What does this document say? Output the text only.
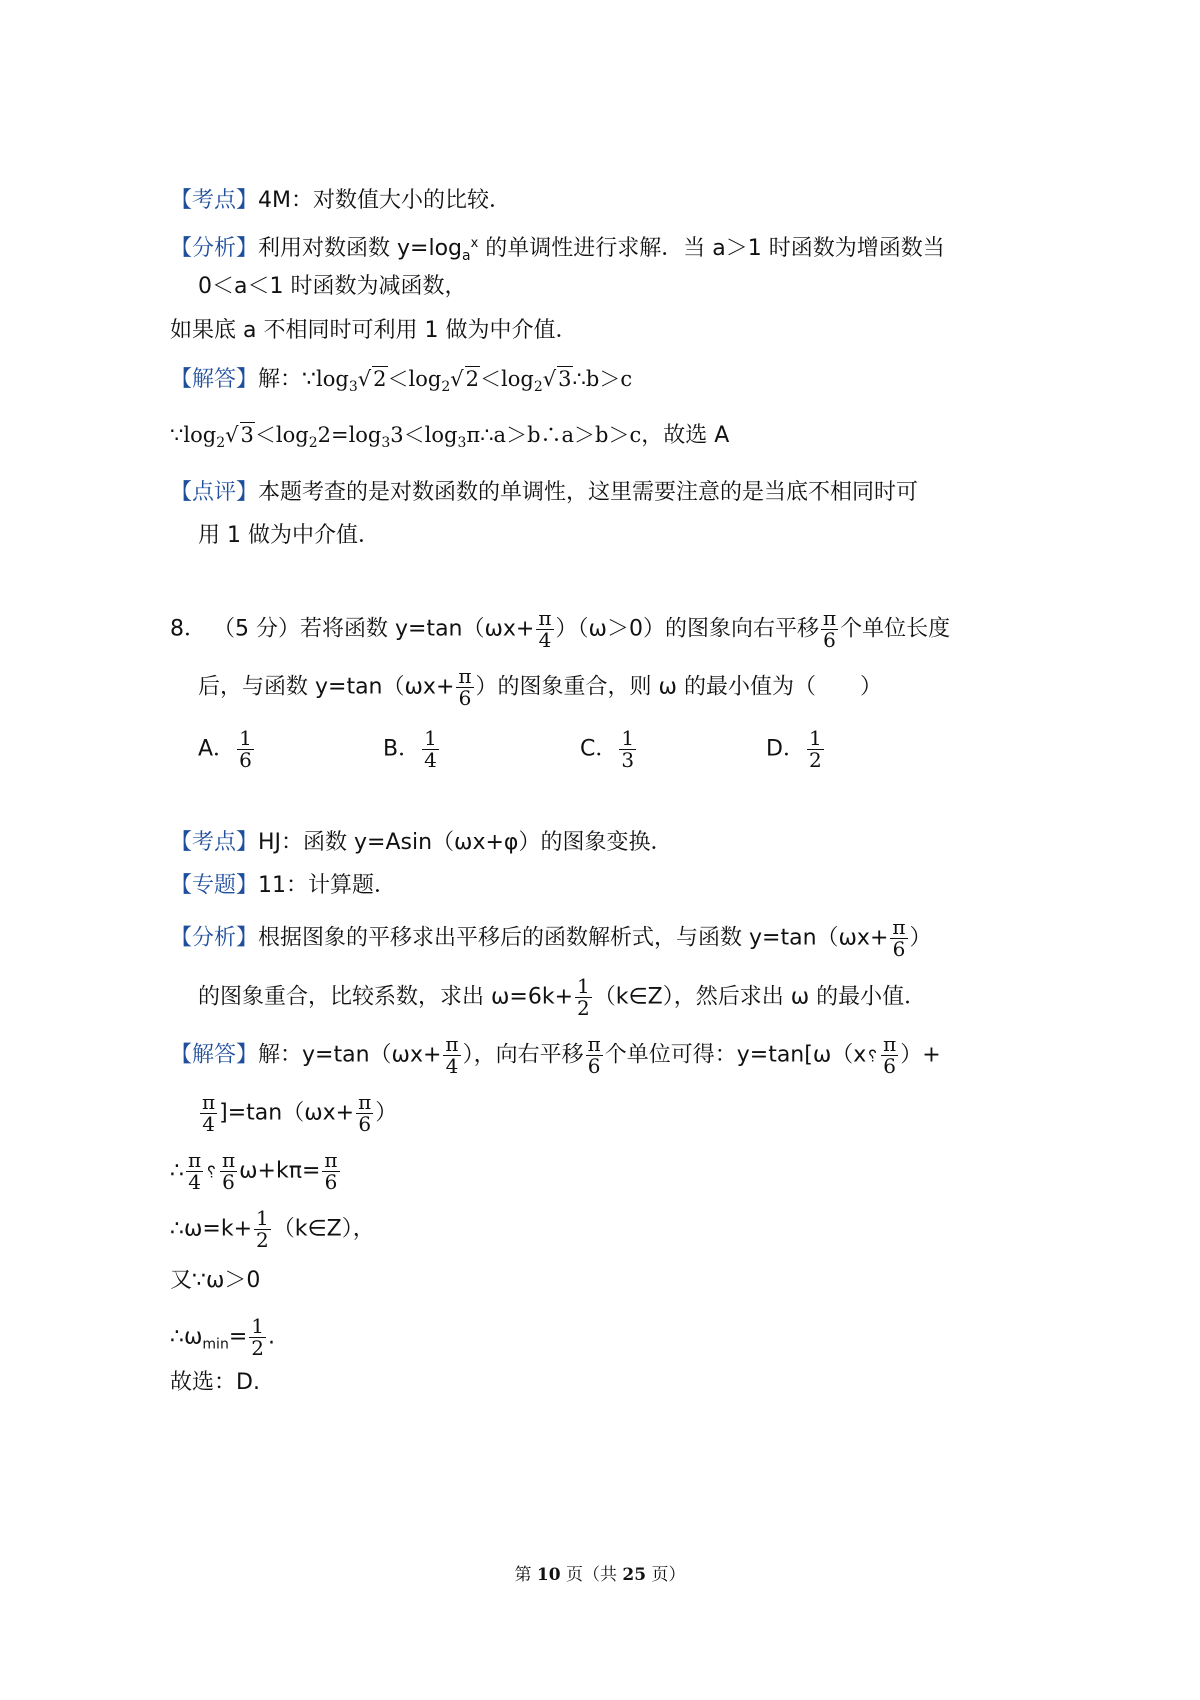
【考点】4M：对数值大小的比较．
【分析】利用对数函数 $y=\log_a^x$ 的单调性进行求解．当 a＞1 时函数为增函数当
0＜a＜1 时函数为减函数，
如果底 a 不相同时可利用 1 做为中介值．
【解答】解：$\because\log_3√2<\log_2√2<\log_2√3\therefore b>c$
$\because\log_2√3<\log_22=\log_33<\log_3\pi\therefore a>b\therefore a>b>c$，故选 A
【点评】本题考查的是对数函数的单调性，这里需要注意的是当底不相同时可
用 1 做为中介值．
8． （5 分）若将函数 $y=\tan(\omega x+ \frac{\pi}{4} )(\omega>0)$的图象向右平移 $\frac{\pi}{6}$ 个单位长度
后，与函数 $y=\tan(\omega x+ \frac{\pi}{6}$ ）的图象重合，则 ω 的最小值为（　　）
A． $\frac{1}{6}$	B． $\frac{1}{4}$	C． $\frac{1}{3}$	D． $\frac{1}{2}$
【考点】HJ：函数 y=Asin（ωx+φ）的图象变换．
【专题】11：计算题．
【分析】根据图象的平移求出平移后的函数解析式，与函数 $y=\tan(\omega x+ \frac{\pi}{6}$ ）
的图象重合，比较系数，求出 $\omega=6k+ \frac{1}{2}$ （k∈Z），然后求出 ω 的最小值．
【解答】解：$y=\tan(\omega x+ \frac{\pi}{4}$ ），向右平移 $\frac{\pi}{6}$ 个单位可得：y=tan[ω（x␦ $\frac{\pi}{6}$ ）+
$\frac{\pi}{4} ]=\tan(\omega x+ \frac{\pi}{6}$ ）
∴ $\frac{\pi}{4}$ ␦ $\frac{\pi}{6} \omega+k\pi= \frac{\pi}{6}$
∴ω=k+ $\frac{1}{2}$ （k∈Z），
又∵ω＞0
$\therefore\omega_{min}= \frac{1}{2}$ .
故选：D.
第 10 页（共 25 页）
